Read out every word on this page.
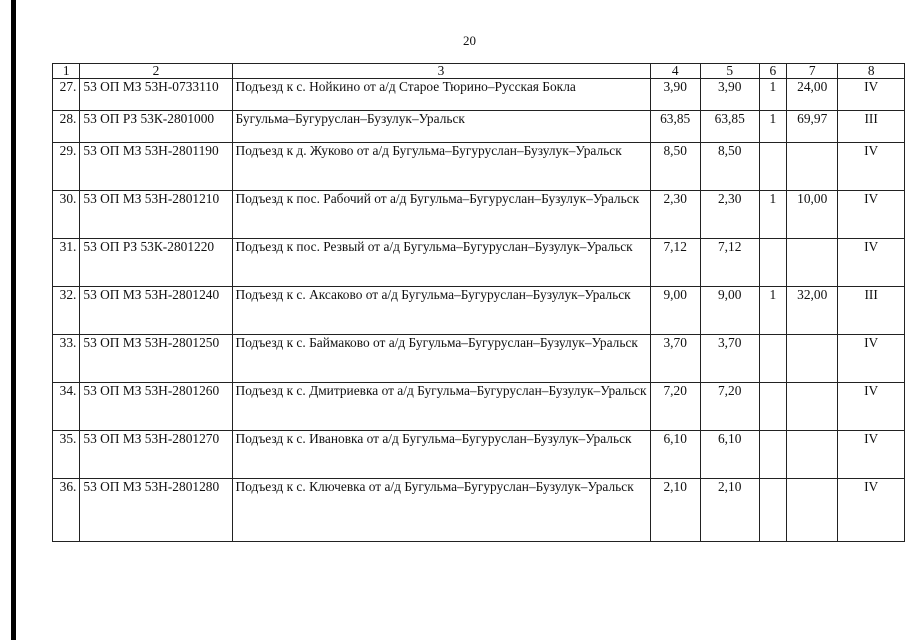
20
1	2	3	4	5	6	7	8
27.	53 ОП МЗ 53Н-0733110	Подъезд к с. Нойкино от а/д Старое Тюрино–Русская Бокла	3,90	3,90	1	24,00	IV
28.	53 ОП РЗ 53К-2801000	Бугульма–Бугуруслан–Бузулук–Уральск	63,85	63,85	1	69,97	III
29.	53 ОП МЗ 53Н-2801190	Подъезд к д. Жуково от а/д Бугульма–Бугуруслан–Бузулук–Уральск	8,50	8,50			IV
30.	53 ОП МЗ 53Н-2801210	Подъезд к пос. Рабочий от а/д Бугульма–Бугуруслан–Бузулук–Уральск	2,30	2,30	1	10,00	IV
31.	53 ОП РЗ 53К-2801220	Подъезд к пос. Резвый от а/д Бугульма–Бугуруслан–Бузулук–Уральск	7,12	7,12			IV
32.	53 ОП МЗ 53Н-2801240	Подъезд к с. Аксаково от а/д Бугульма–Бугуруслан–Бузулук–Уральск	9,00	9,00	1	32,00	III
33.	53 ОП МЗ 53Н-2801250	Подъезд к с. Баймаково от а/д Бугульма–Бугуруслан–Бузулук–Уральск	3,70	3,70			IV
34.	53 ОП МЗ 53Н-2801260	Подъезд к с. Дмитриевка от а/д Бугульма–Бугуруслан–Бузулук–Уральск	7,20	7,20			IV
35.	53 ОП МЗ 53Н-2801270	Подъезд к с. Ивановка от а/д Бугульма–Бугуруслан–Бузулук–Уральск	6,10	6,10			IV
36.	53 ОП МЗ 53Н-2801280	Подъезд к с. Ключевка от а/д Бугульма–Бугуруслан–Бузулук–Уральск	2,10	2,10			IV
